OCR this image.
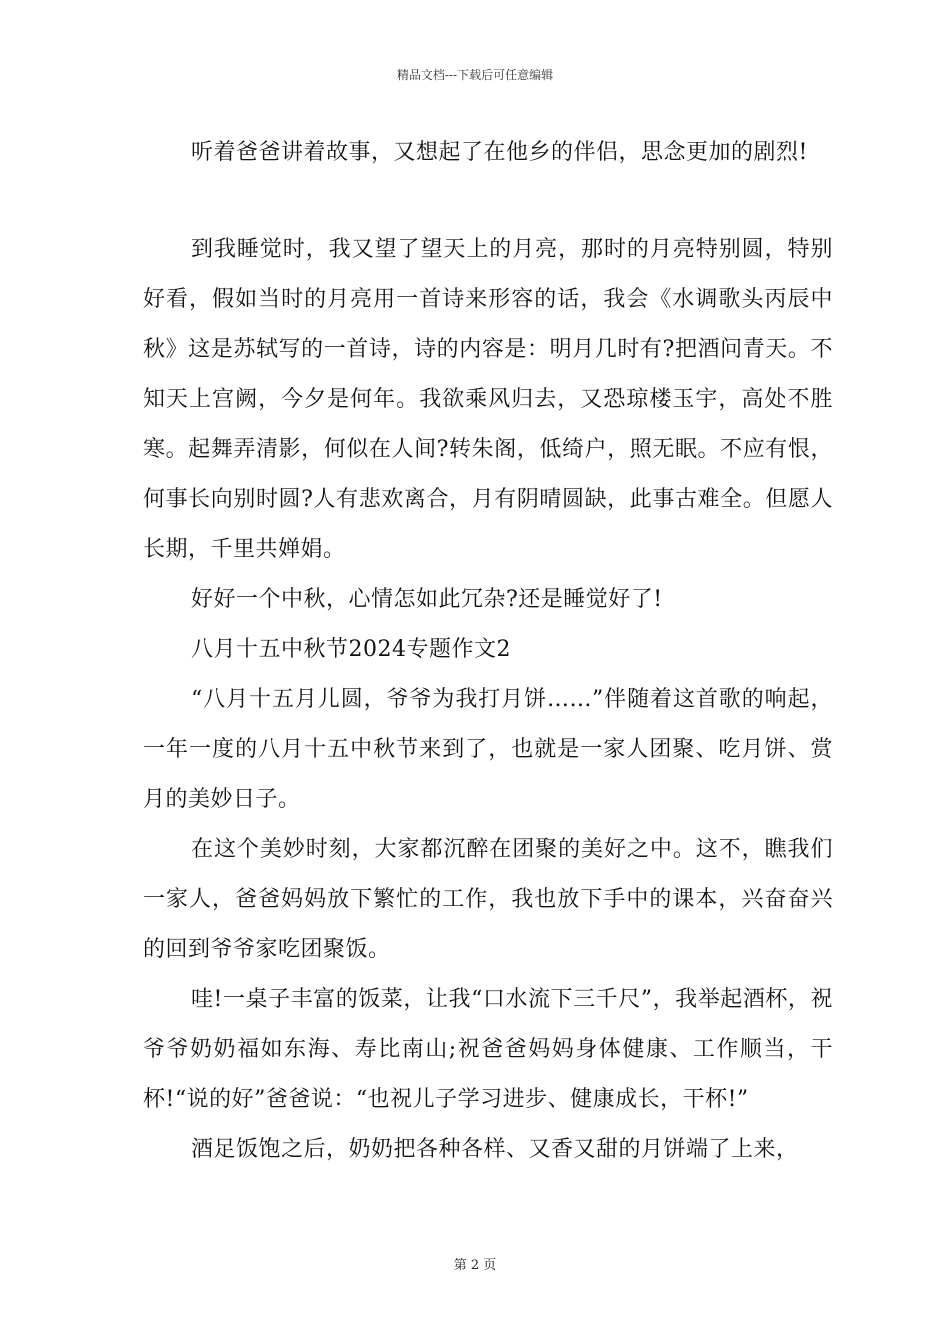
精品文档---下载后可任意编辑

听着爸爸讲着故事，又想起了在他乡的伴侣，思念更加的剧烈!

到我睡觉时，我又望了望天上的月亮，那时的月亮特别圆，特别好看，假如当时的月亮用一首诗来形容的话，我会《水调歌头丙辰中秋》这是苏轼写的一首诗，诗的内容是：明月几时有?把酒问青天。不知天上宫阙，今夕是何年。我欲乘风归去，又恐琼楼玉宇，高处不胜寒。起舞弄清影，何似在人间?转朱阁，低绮户，照无眠。不应有恨，何事长向别时圆?人有悲欢离合，月有阴晴圆缺，此事古难全。但愿人长期，千里共婵娟。

好好一个中秋，心情怎如此冗杂?还是睡觉好了!

八月十五中秋节2024专题作文2

“八月十五月儿圆，爷爷为我打月饼……”伴随着这首歌的响起，一年一度的八月十五中秋节来到了，也就是一家人团聚、吃月饼、赏月的美妙日子。

在这个美妙时刻，大家都沉醉在团聚的美好之中。这不，瞧我们一家人，爸爸妈妈放下繁忙的工作，我也放下手中的课本，兴奋奋兴的回到爷爷家吃团聚饭。

哇!一桌子丰富的饭菜，让我“口水流下三千尺”，我举起酒杯，祝爷爷奶奶福如东海、寿比南山;祝爸爸妈妈身体健康、工作顺当，干杯!“说的好”爸爸说：“也祝儿子学习进步、健康成长，干杯!”

酒足饭饱之后，奶奶把各种各样、又香又甜的月饼端了上来，

第 2 页
